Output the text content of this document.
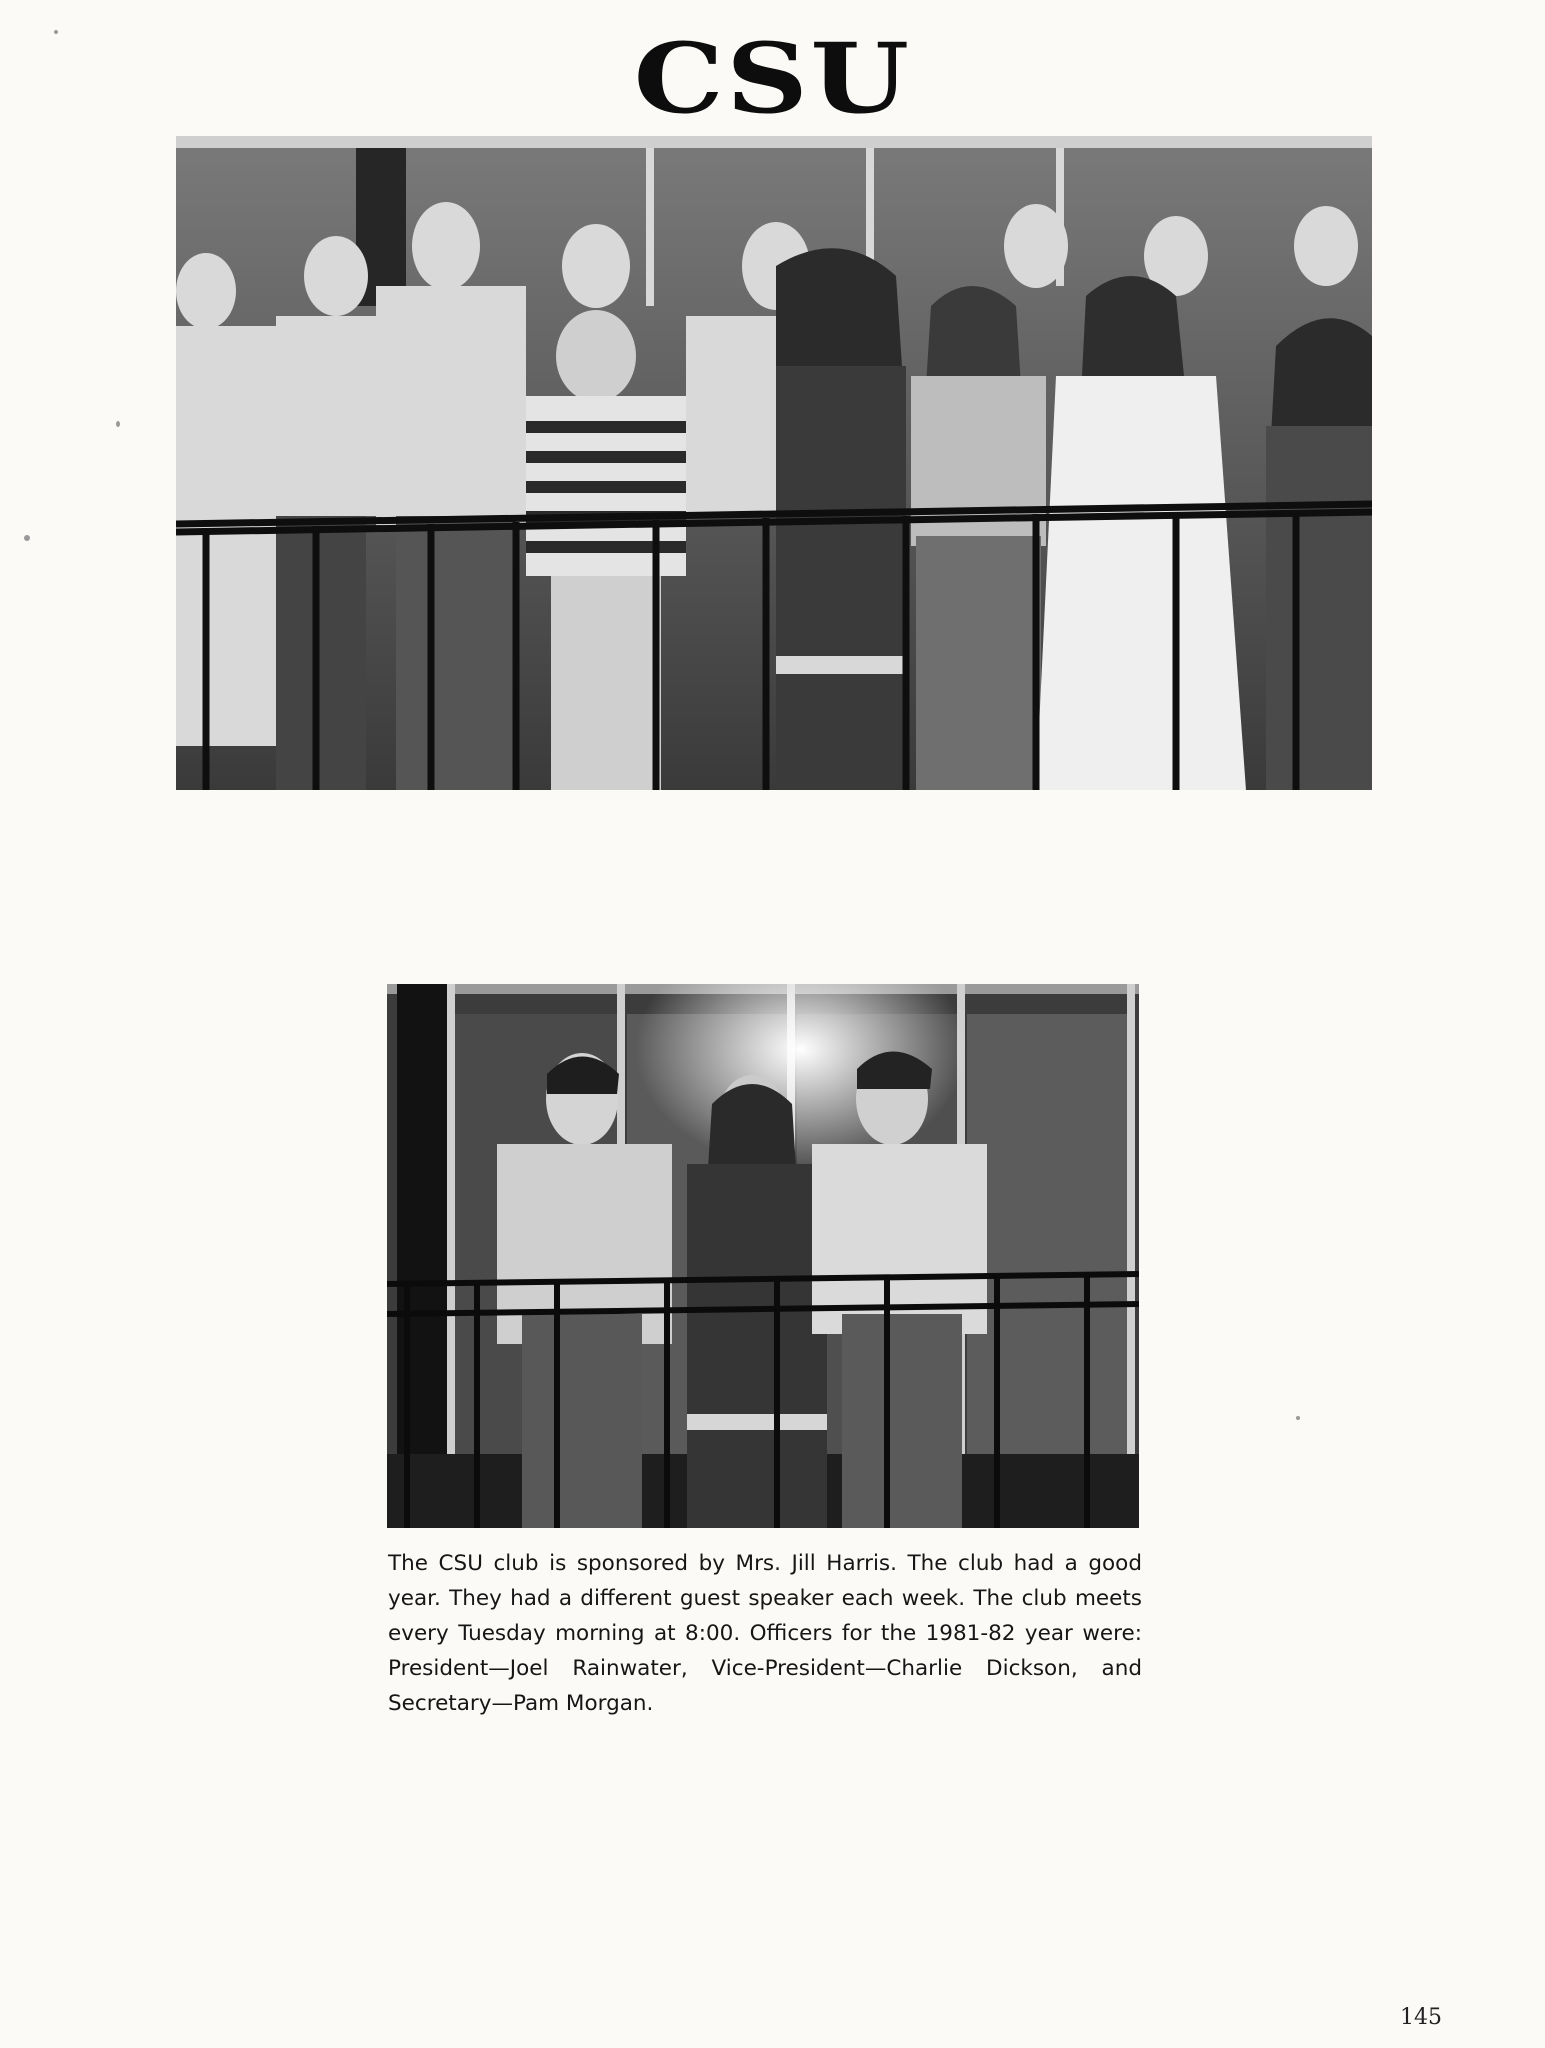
CSU
The CSU club is sponsored by Mrs. Jill Harris. The club had a good year. They had a different guest speaker each week. The club meets every Tuesday morning at 8:00. Officers for the 1981-82 year were: President—Joel Rainwater, Vice-President—Charlie Dickson, and Secretary—Pam Morgan.
145
